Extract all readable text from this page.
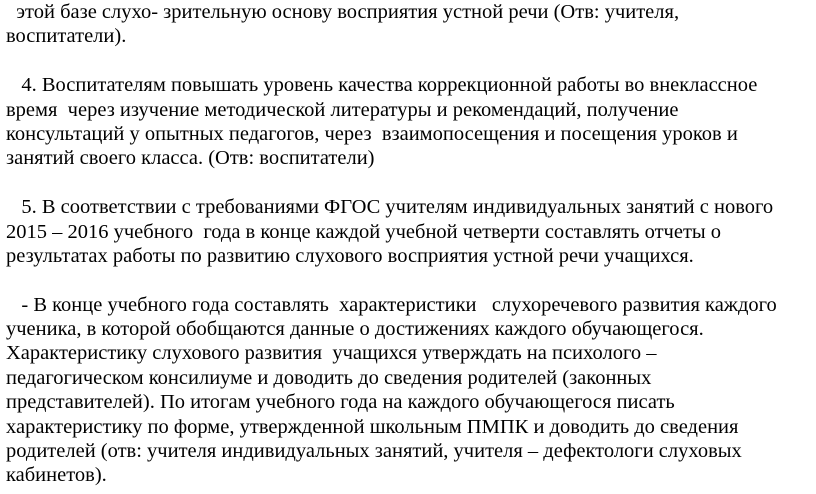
этой базе слухо- зрительную основу восприятия устной речи (Отв: учителя,
воспитатели).
4. Воспитателям повышать уровень качества коррекционной работы во внеклассное
время  через изучение методической литературы и рекомендаций, получение
консультаций у опытных педагогов, через  взаимопосещения и посещения уроков и
занятий своего класса. (Отв: воспитатели)
5. В соответствии с требованиями ФГОС учителям индивидуальных занятий с нового
2015 – 2016 учебного  года в конце каждой учебной четверти составлять отчеты о
результатах работы по развитию слухового восприятия устной речи учащихся.
- В конце учебного года составлять  характеристики   слухоречевого развития каждого
ученика, в которой обобщаются данные о достижениях каждого обучающегося.
Характеристику слухового развития  учащихся утверждать на психолого –
педагогическом консилиуме и доводить до сведения родителей (законных
представителей). По итогам учебного года на каждого обучающегося писать
характеристику по форме, утвержденной школьным ПМПК и доводить до сведения
родителей (отв: учителя индивидуальных занятий, учителя – дефектологи слуховых
кабинетов).
